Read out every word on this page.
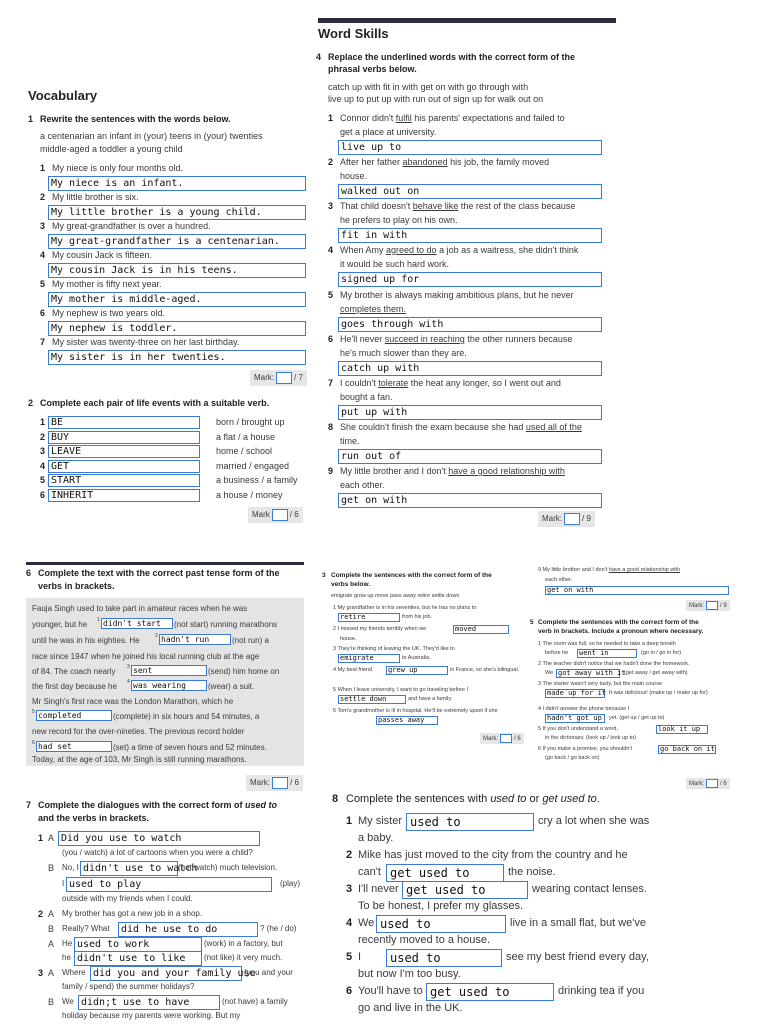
Word Skills
4 Replace the underlined words with the correct form of the
phrasal verbs below.
catch up with fit in with get on with go through with
live up to put up with run out of sign up for walk out on
1 Connor didn't fulfil his parents' expectations and failed to
get a place at university.
live up to
2 After her father abandoned his job, the family moved
house.
walked out on
3 That child doesn't behave like the rest of the class because
he prefers to play on his own.
fit in with
4 When Amy agreed to do a job as a waitress, she didn't think
it would be such hard work.
signed up for
5 My brother is always making ambitious plans, but he never
completes them.
goes through with
6 He'll never succeed in reaching the other runners because
he's much slower than they are.
catch up with
7 I couldn't tolerate the heat any longer, so I went out and
bought a fan.
put up with
8 She couldn't finish the exam because she had used all of the
time.
run out of
9 My little brother and I don't have a good relationship with
each other.
get on with
Mark:	/ 9
Vocabulary
1 Rewrite the sentences with the words below.
a centenarian an infant in (your) teens in (your) twenties
middle-aged a toddler a young child
1 My niece is only four months old.
My niece is an infant.
2 My little brother is six.
My little brother is a young child.
3 My great-grandfather is over a hundred.
My great-grandfather is a centenarian.
4 My cousin Jack is fifteen.
My cousin Jack is in his teens.
5 My mother is fifty next year.
My mother is middle-aged.
6 My nephew is two years old.
My nephew is toddler.
7 My sister was twenty-three on her last birthday.
My sister is in her twenties.
Mark:	/ 7
2 Complete each pair of life events with a suitable verb.
1 BE	born / brought up
2 BUY	a flat / a house
3 LEAVE	home / school
4 GET	married / engaged
5 START	a business / a family
6 INHERIT	a house / money
Mark	/ 6
6 Complete the text with the correct past tense form of the
verbs in brackets.
Fauja Singh used to take part in amateur races when he was
younger, but he 1 didn't start	(not start) running marathons
until he was in his eighties. He	2 hadn't run	(not run) a
race since 1947 when he joined his local running club at the age
of 84. The coach nearly 3 sent	(send) him home on
the first day because he 4 was wearing	(wear) a suit.
Mr Singh's first race was the London Marathon, which he
5 completed	(complete) in six hours and 54 minutes, a
new record for the over-nineties. The previous record holder
6 had set	(set) a time of seven hours and 52 minutes.
Today, at the age of 103, Mr Singh is still running marathons.
Mark:	/ 6
7 Complete the dialogues with the correct form of used to
and the verbs in brackets.
1 A Did you use to watch
(you / watch) a lot of cartoons when you were a child?
B No, I didn't use to watch
(not watch) much television.
I used to play	(play)
outside with my friends when I could.
2 A My brother has got a new job in a shop.
B Really? What	did he use to do	? (he / do)
A He used to work	(work) in a factory, but
he didn't use to like	(not like) it very much.
3 A Where did you and your family use
(you and your
family / spend) the summer holidays?
B We didn;t use to have	(not have) a family
holiday because my parents were working. But my
3 Complete the sentences with the correct form of the
verbs below.
emigrate grow up move pass away retire settle down
1 My grandfather is in his seventies, but he has no plans to
retire	from his job.
2 I missed my friends terribly when we	moved
house.
3 They're thinking of leaving the UK. They'd like to
emigrate	to Australia.
4 My best friend grew up	in France, so she's bilingual.
5 When I leave university, I want to go traveling before I
settle down	and have a family.
6 Tom's grandmother is ill in hospital. He'll be extremely upset if she
passes away
Mark:	/ 6
9 My little brother and I don't have a good relationship with
each other.
get on with
Mark:	/ 9
5 Complete the sentences with the correct form of the
verb in brackets. Include a pronoun where necessary.
1 The room was full, so he needed to take a deep breath
before he went in	(go in / go in for)
2 The teacher didn't notice that we hadn't done the homework.
We got away with it
(get away / get away with)
3 The starter wasn't very tasty, but the main course
made up for it It was delicious! (make up / make up for)
4 I didn't answer the phone because I
hadn't got up	yet. (get up / get up to)
5 If you don't understand a word,	look it up
in the dictionary. (look up / look up to)
6 If you make a promise, you shouldn't	go back on it
(go back / go back on)
Mark:	/ 6
8 Complete the sentences with used to or get used to.
1 My sister used to	cry a lot when she was
a baby.
2 Mike has just moved to the city from the country and he
can't get used to	the noise.
3 I'll never get used to	wearing contact lenses.
To be honest, I prefer my glasses.
4 We used to	live in a small flat, but we've
recently moved to a house.
5 I	used to	see my best friend every day,
but now I'm too busy.
6 You'll have to get used to	drinking tea if you
go and live in the UK.
